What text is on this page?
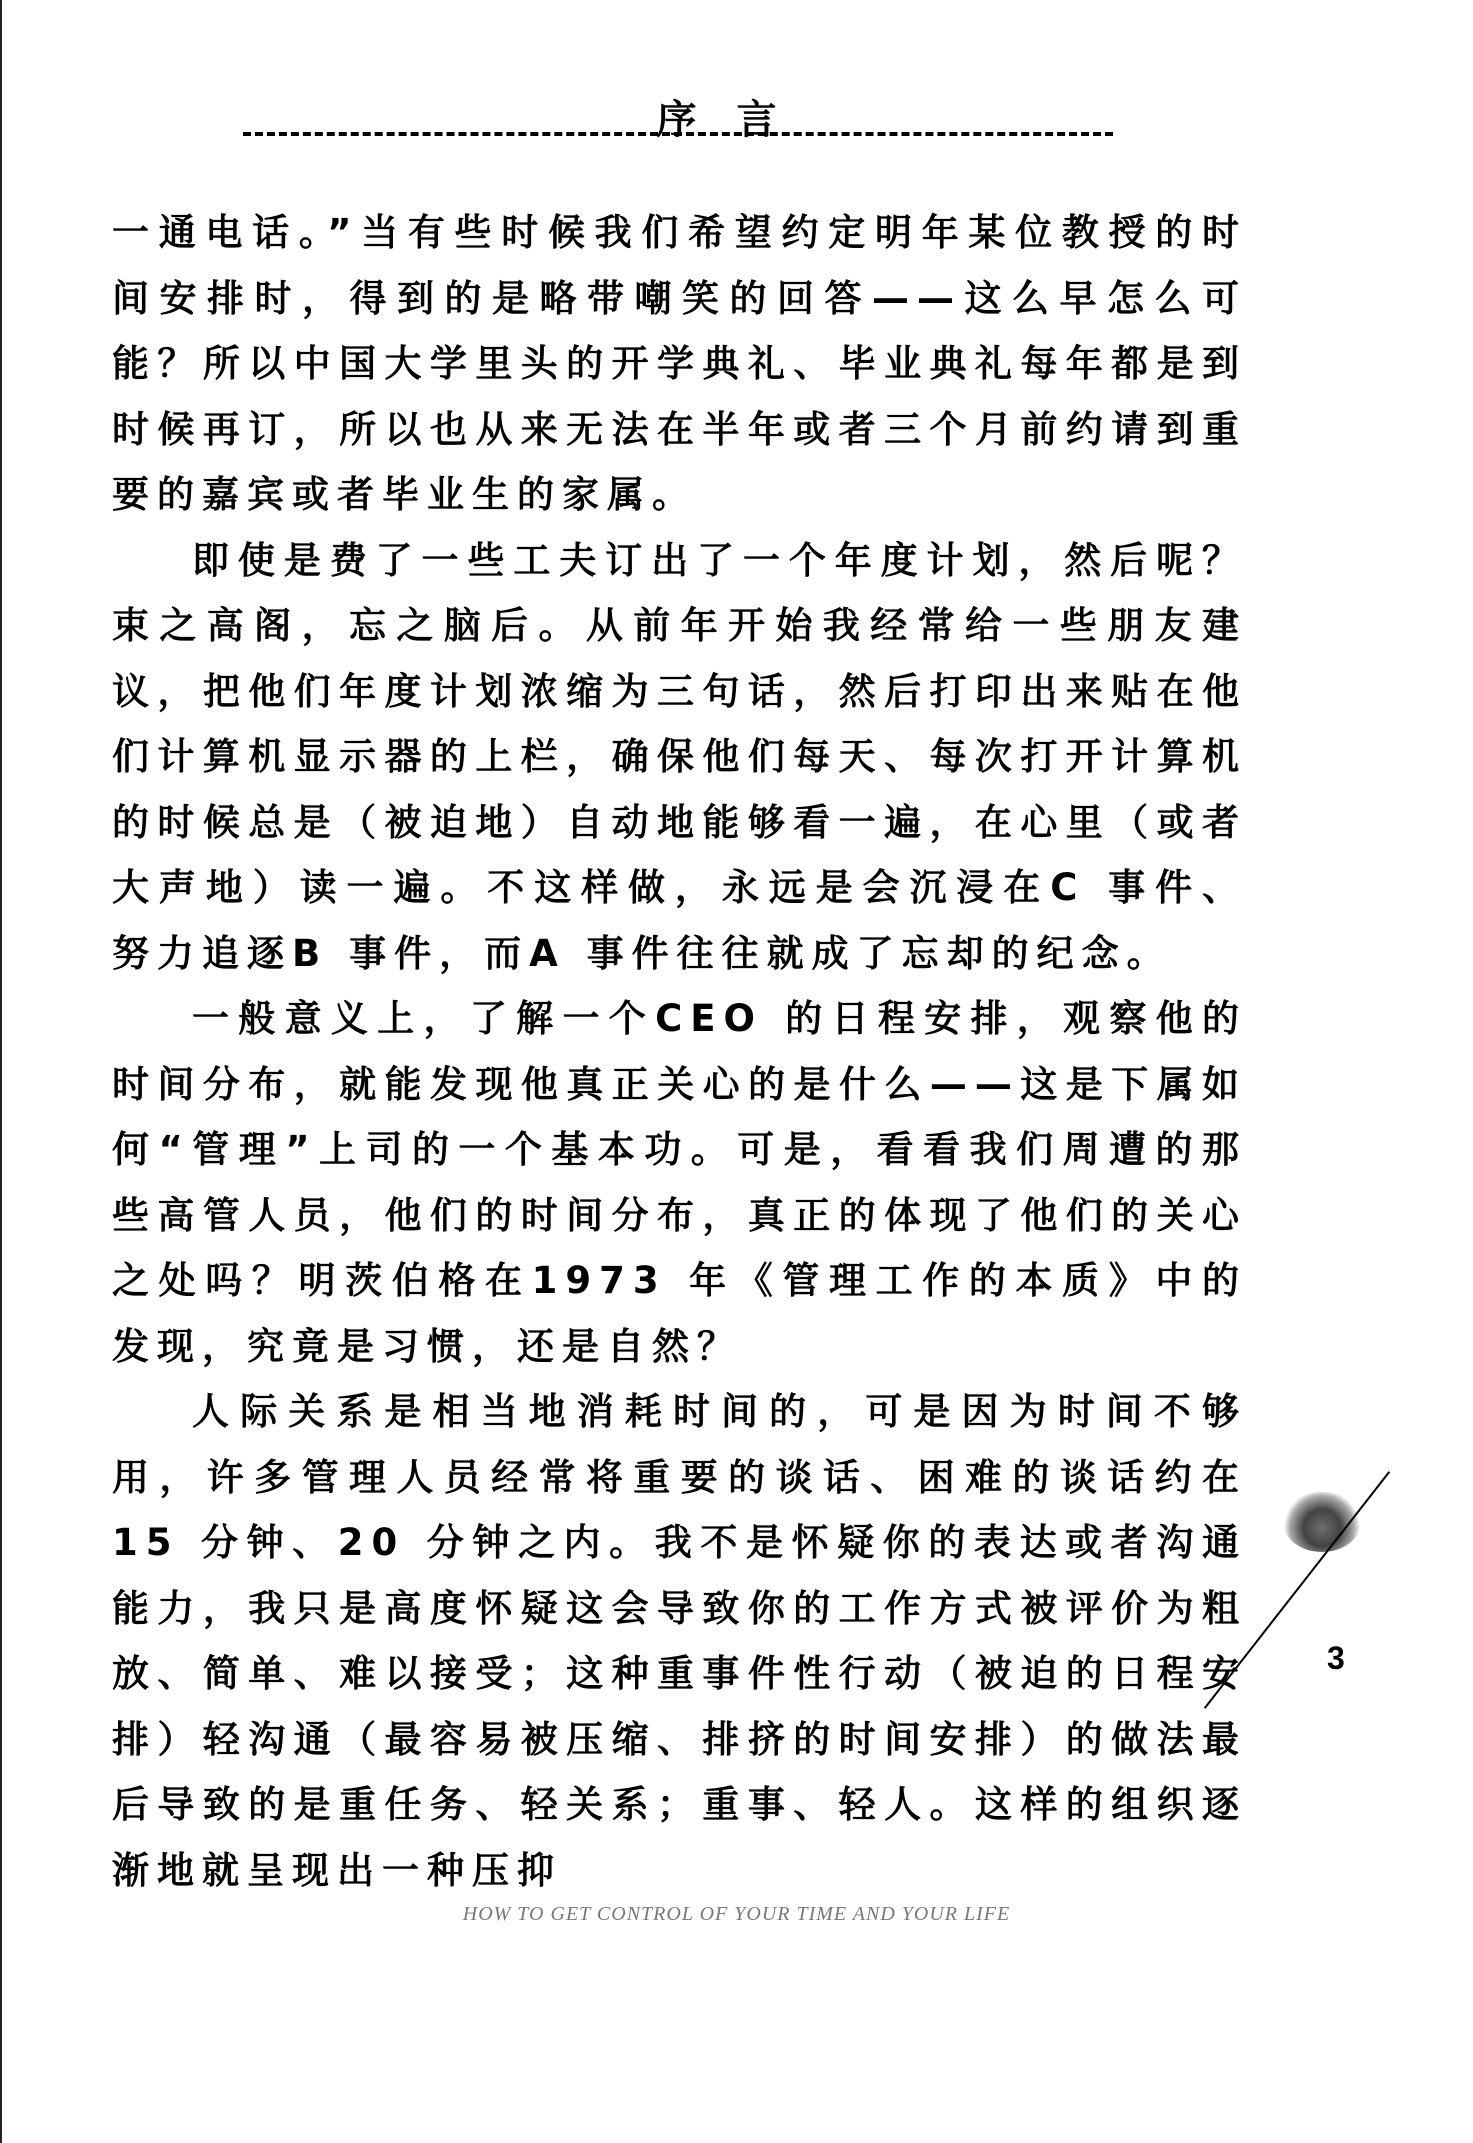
序言

一通电话。”当有些时候我们希望约定明年某位教授的时间安排时，得到的是略带嘲笑的回答——这么早怎么可能？所以中国大学里头的开学典礼、毕业典礼每年都是到时候再订，所以也从来无法在半年或者三个月前约请到重要的嘉宾或者毕业生的家属。

即使是费了一些工夫订出了一个年度计划，然后呢？束之高阁，忘之脑后。从前年开始我经常给一些朋友建议，把他们年度计划浓缩为三句话，然后打印出来贴在他们计算机显示器的上栏，确保他们每天、每次打开计算机的时候总是（被迫地）自动地能够看一遍，在心里（或者大声地）读一遍。不这样做，永远是会沉浸在C 事件、努力追逐B 事件，而A 事件往往就成了忘却的纪念。

一般意义上，了解一个CEO 的日程安排，观察他的时间分布，就能发现他真正关心的是什么——这是下属如何“管理”上司的一个基本功。可是，看看我们周遭的那些高管人员，他们的时间分布，真正的体现了他们的关心之处吗？明茨伯格在1973 年《管理工作的本质》中的发现，究竟是习惯，还是自然？

人际关系是相当地消耗时间的，可是因为时间不够用，许多管理人员经常将重要的谈话、困难的谈话约在15 分钟、20 分钟之内。我不是怀疑你的表达或者沟通能力，我只是高度怀疑这会导致你的工作方式被评价为粗放、简单、难以接受；这种重事件性行动（被迫的日程安排）轻沟通（最容易被压缩、排挤的时间安排）的做法最后导致的是重任务、轻关系；重事、轻人。这样的组织逐渐地就呈现出一种压抑

3
HOW TO GET CONTROL OF YOUR TIME AND YOUR LIFE
